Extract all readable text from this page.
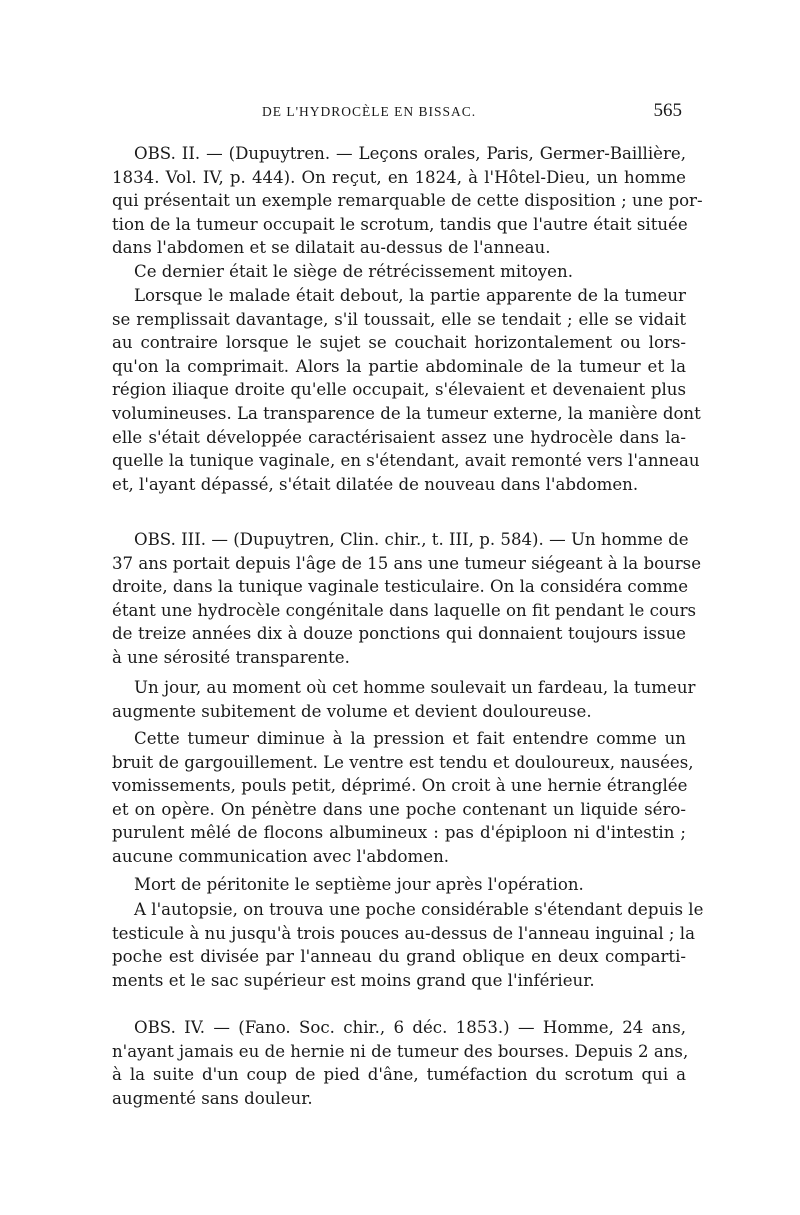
DE L'HYDROCÈLE EN BISSAC.	565
OBS. II. — (Dupuytren. — Leçons orales, Paris, Germer-Baillière,
1834. Vol. IV, p. 444). On reçut, en 1824, à l'Hôtel-Dieu, un homme
qui présentait un exemple remarquable de cette disposition ; une por-
tion de la tumeur occupait le scrotum, tandis que l'autre était située
dans l'abdomen et se dilatait au-dessus de l'anneau.
Ce dernier était le siège de rétrécissement mitoyen.
Lorsque le malade était debout, la partie apparente de la tumeur
se remplissait davantage, s'il toussait, elle se tendait ; elle se vidait
au contraire lorsque le sujet se couchait horizontalement ou lors-
qu'on la comprimait. Alors la partie abdominale de la tumeur et la
région iliaque droite qu'elle occupait, s'élevaient et devenaient plus
volumineuses. La transparence de la tumeur externe, la manière dont
elle s'était développée caractérisaient assez une hydrocèle dans la-
quelle la tunique vaginale, en s'étendant, avait remonté vers l'anneau
et, l'ayant dépassé, s'était dilatée de nouveau dans l'abdomen.
OBS. III. — (Dupuytren, Clin. chir., t. III, p. 584). — Un homme de
37 ans portait depuis l'âge de 15 ans une tumeur siégeant à la bourse
droite, dans la tunique vaginale testiculaire. On la considéra comme
étant une hydrocèle congénitale dans laquelle on fit pendant le cours
de treize années dix à douze ponctions qui donnaient toujours issue
à une sérosité transparente.
Un jour, au moment où cet homme soulevait un fardeau, la tumeur
augmente subitement de volume et devient douloureuse.
Cette tumeur diminue à la pression et fait entendre comme un
bruit de gargouillement. Le ventre est tendu et douloureux, nausées,
vomissements, pouls petit, déprimé. On croit à une hernie étranglée
et on opère. On pénètre dans une poche contenant un liquide séro-
purulent mêlé de flocons albumineux : pas d'épiploon ni d'intestin ;
aucune communication avec l'abdomen.
Mort de péritonite le septième jour après l'opération.
A l'autopsie, on trouva une poche considérable s'étendant depuis le
testicule à nu jusqu'à trois pouces au-dessus de l'anneau inguinal ; la
poche est divisée par l'anneau du grand oblique en deux comparti-
ments et le sac supérieur est moins grand que l'inférieur.
OBS. IV. — (Fano. Soc. chir., 6 déc. 1853.) — Homme, 24 ans,
n'ayant jamais eu de hernie ni de tumeur des bourses. Depuis 2 ans,
à la suite d'un coup de pied d'âne, tuméfaction du scrotum qui a
augmenté sans douleur.
